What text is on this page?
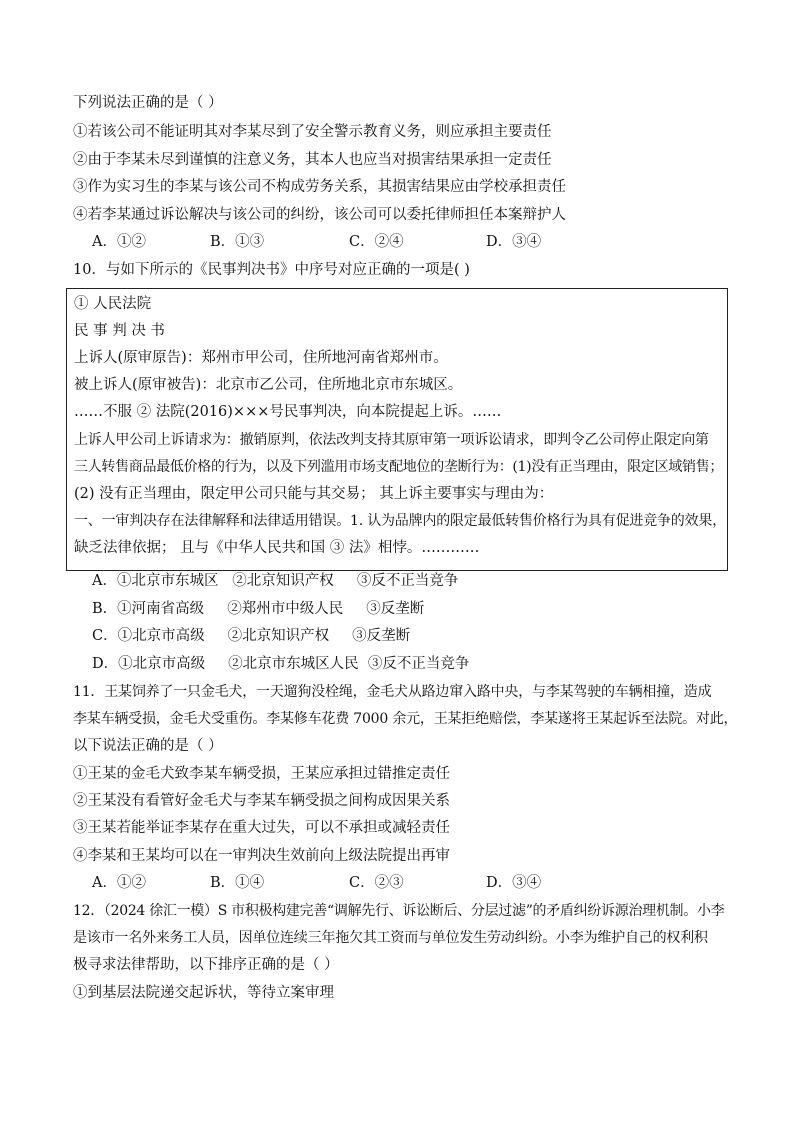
下列说法正确的是（ ）
①若该公司不能证明其对李某尽到了安全警示教育义务，则应承担主要责任
②由于李某未尽到谨慎的注意义务，其本人也应当对损害结果承担一定责任
③作为实习生的李某与该公司不构成劳务关系，其损害结果应由学校承担责任
④若李某通过诉讼解决与该公司的纠纷，该公司可以委托律师担任本案辩护人
A．①②	B．①③	C．②④	D．③④
10．与如下所示的《民事判决书》中序号对应正确的一项是( )
① 人民法院
民 事 判 决 书
上诉人(原审原告)：郑州市甲公司，住所地河南省郑州市。
被上诉人(原审被告)：北京市乙公司，住所地北京市东城区。
……不服 ② 法院(2016)×××号民事判决，向本院提起上诉。……
上诉人甲公司上诉请求为：撤销原判，依法改判支持其原审第一项诉讼请求，即判令乙公司停止限定向第
三人转售商品最低价格的行为，以及下列滥用市场支配地位的垄断行为：(1)没有正当理由，限定区域销售；
(2) 没有正当理由，限定甲公司只能与其交易； 其上诉主要事实与理由为：
一、一审判决存在法律解释和法律适用错误。1. 认为品牌内的限定最低转售价格行为具有促进竞争的效果，
缺乏法律依据； 且与《中华人民共和国 ③ 法》相悖。…………
A．①北京市东城区   ②北京知识产权     ③反不正当竞争
B．①河南省高级     ②郑州市中级人民     ③反垄断
C．①北京市高级     ②北京知识产权     ③反垄断
D．①北京市高级     ②北京市东城区人民  ③反不正当竞争
11．王某饲养了一只金毛犬，一天遛狗没栓绳，金毛犬从路边窜入路中央，与李某驾驶的车辆相撞，造成
李某车辆受损，金毛犬受重伤。李某修车花费 7000 余元，王某拒绝赔偿，李某遂将王某起诉至法院。对此，
以下说法正确的是（ ）
①王某的金毛犬致李某车辆受损，王某应承担过错推定责任
②王某没有看管好金毛犬与李某车辆受损之间构成因果关系
③王某若能举证李某存在重大过失，可以不承担或减轻责任
④李某和王某均可以在一审判决生效前向上级法院提出再审
A．①②	B．①④	C．②③	D．③④
12．（2024 徐汇一模）S 市积极构建完善“调解先行、诉讼断后、分层过滤”的矛盾纠纷诉源治理机制。小李
是该市一名外来务工人员，因单位连续三年拖欠其工资而与单位发生劳动纠纷。小李为维护自己的权利积
极寻求法律帮助，以下排序正确的是（ ）
①到基层法院递交起诉状，等待立案审理
